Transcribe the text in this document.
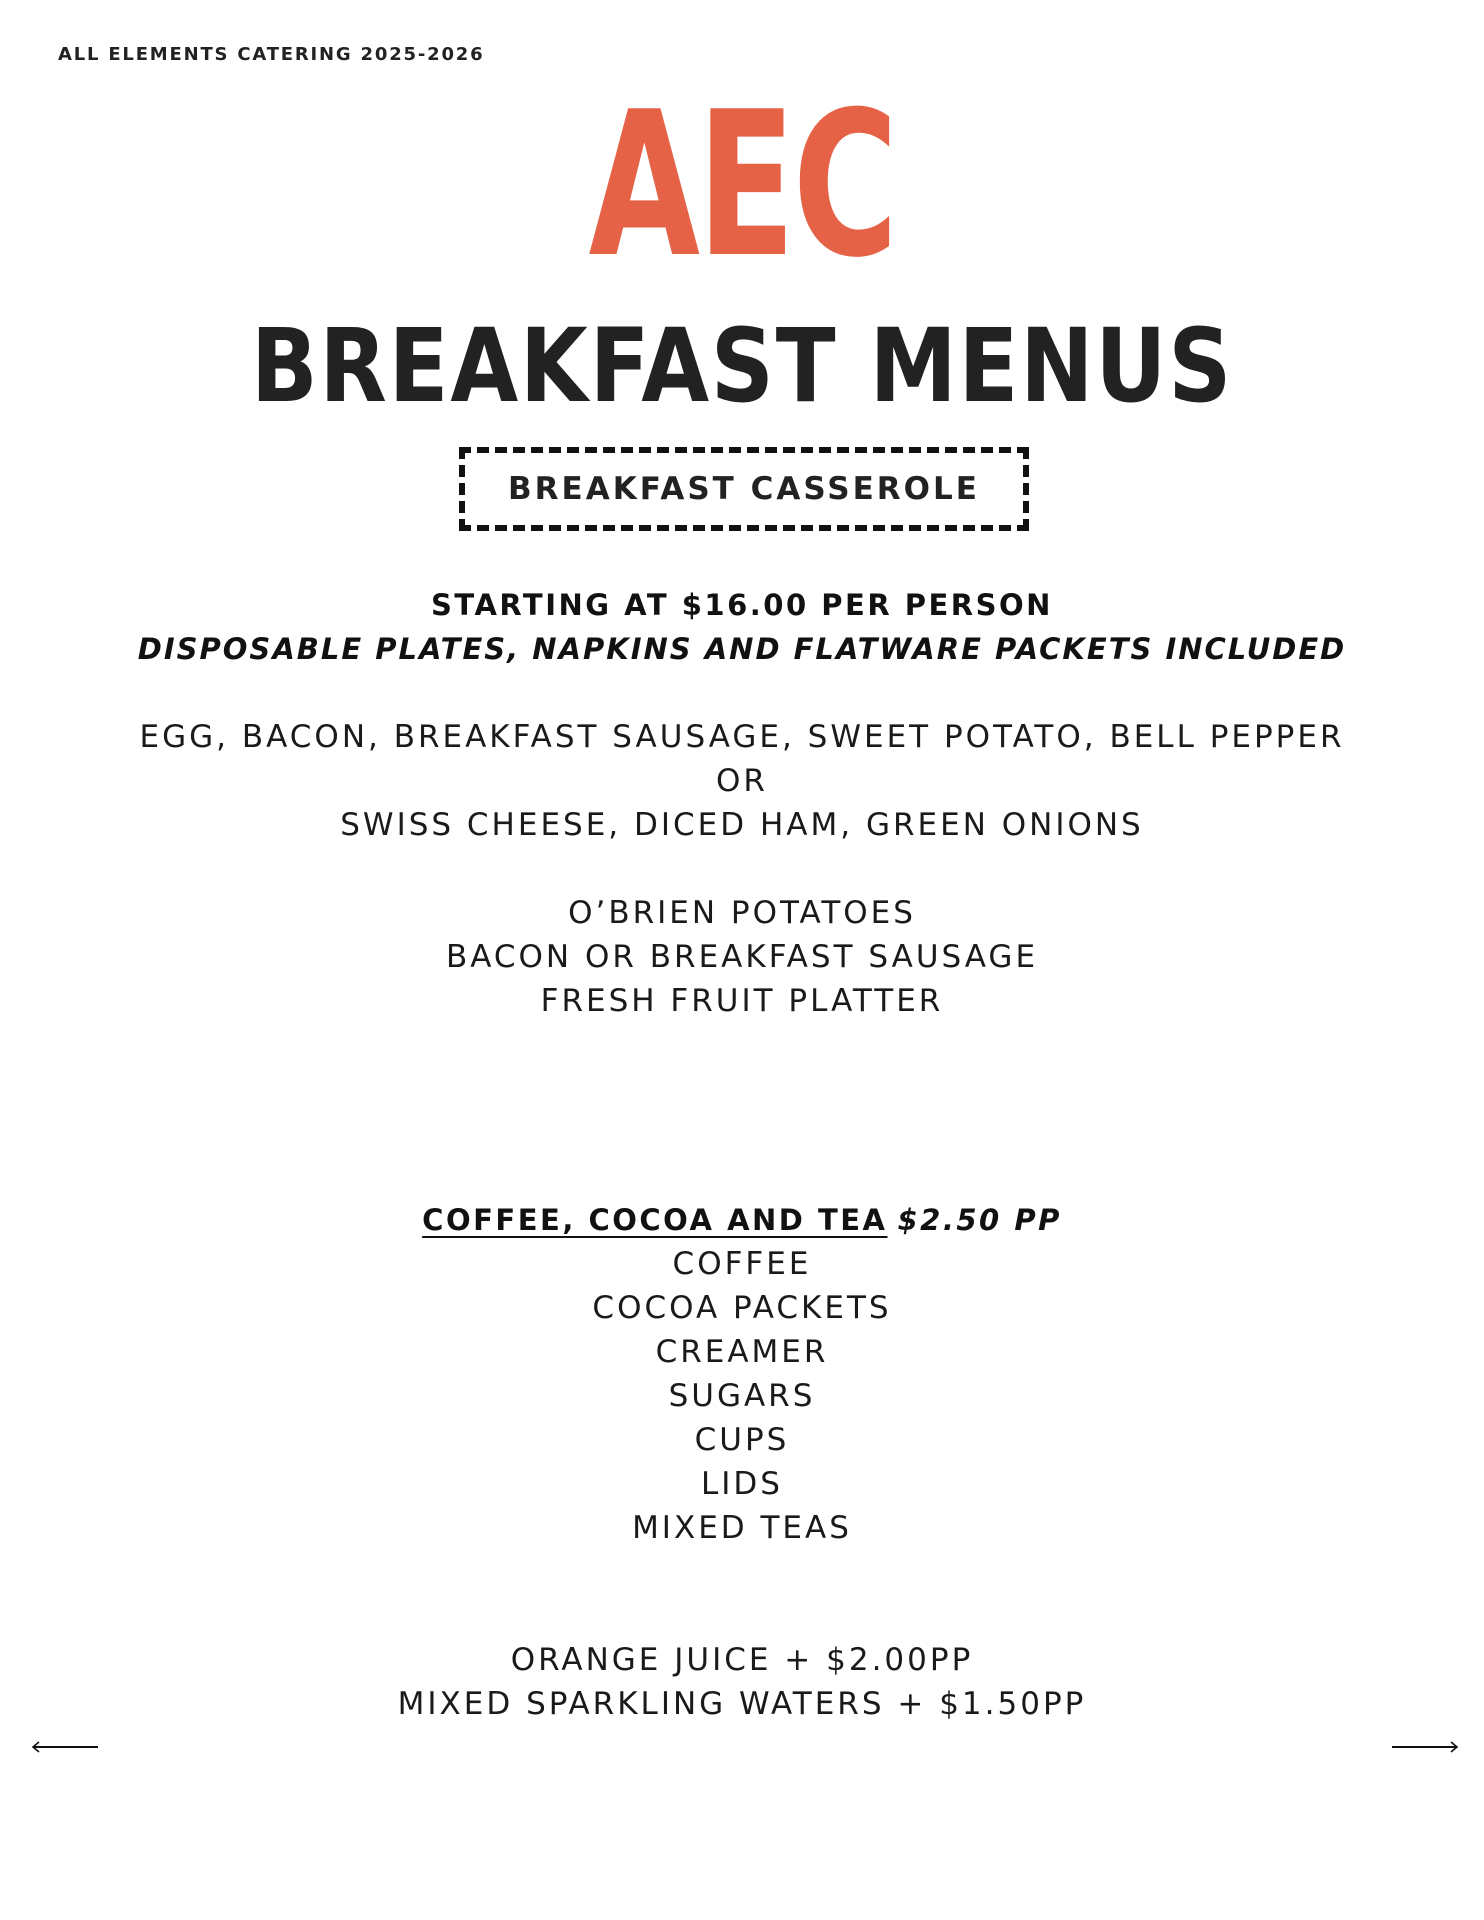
ALL ELEMENTS CATERING 2025-2026
AEC
BREAKFAST MENUS
BREAKFAST CASSEROLE
STARTING AT $16.00 PER PERSON
DISPOSABLE PLATES, NAPKINS AND FLATWARE PACKETS INCLUDED
EGG, BACON, BREAKFAST SAUSAGE, SWEET POTATO, BELL PEPPER
OR
SWISS CHEESE, DICED HAM, GREEN ONIONS
O’BRIEN POTATOES
BACON OR BREAKFAST SAUSAGE
FRESH FRUIT PLATTER
COFFEE, COCOA AND TEA $2.50 PP
COFFEE
COCOA PACKETS
CREAMER
SUGARS
CUPS
LIDS
MIXED TEAS
ORANGE JUICE + $2.00PP
MIXED SPARKLING WATERS + $1.50PP
